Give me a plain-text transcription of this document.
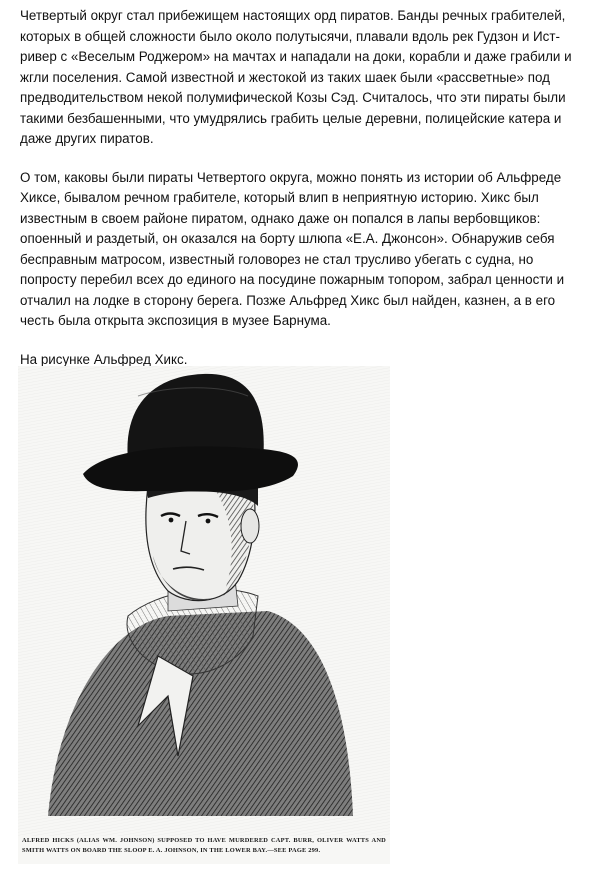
Четвертый округ стал прибежищем настоящих орд пиратов. Банды речных грабителей, которых в общей сложности было около полутысячи, плавали вдоль рек Гудзон и Ист-ривер с «Веселым Роджером» на мачтах и нападали на доки, корабли и даже грабили и жгли поселения. Самой известной и жестокой из таких шаек были «рассветные» под предводительством некой полумифической Козы Сэд. Считалось, что эти пираты были такими безбашенными, что умудрялись грабить целые деревни, полицейские катера и даже других пиратов.

О том, каковы были пираты Четвертого округа, можно понять из истории об Альфреде Хиксе, бывалом речном грабителе, который влип в неприятную историю. Хикс был известным в своем районе пиратом, однако даже он попался в лапы вербовщиков: опоенный и раздетый, он оказался на борту шлюпа «Е.А. Джонсон». Обнаружив себя бесправным матросом, известный головорез не стал трусливо убегать с судна, но попросту перебил всех до единого на посудине пожарным топором, забрал ценности и отчалил на лодке в сторону берега. Позже Альфред Хикс был найден, казнен, а в его честь была открыта экспозиция в музее Барнума.

На рисунке Альфред Хикс.

ALFRED HICKS (ALIAS WM. JOHNSON) SUPPOSED TO HAVE MURDERED CAPT. BURR, OLIVER WATTS AND SMITH WATTS ON BOARD THE SLOOP E. A. JOHNSON, IN THE LOWER BAY.—SEE PAGE 299.
